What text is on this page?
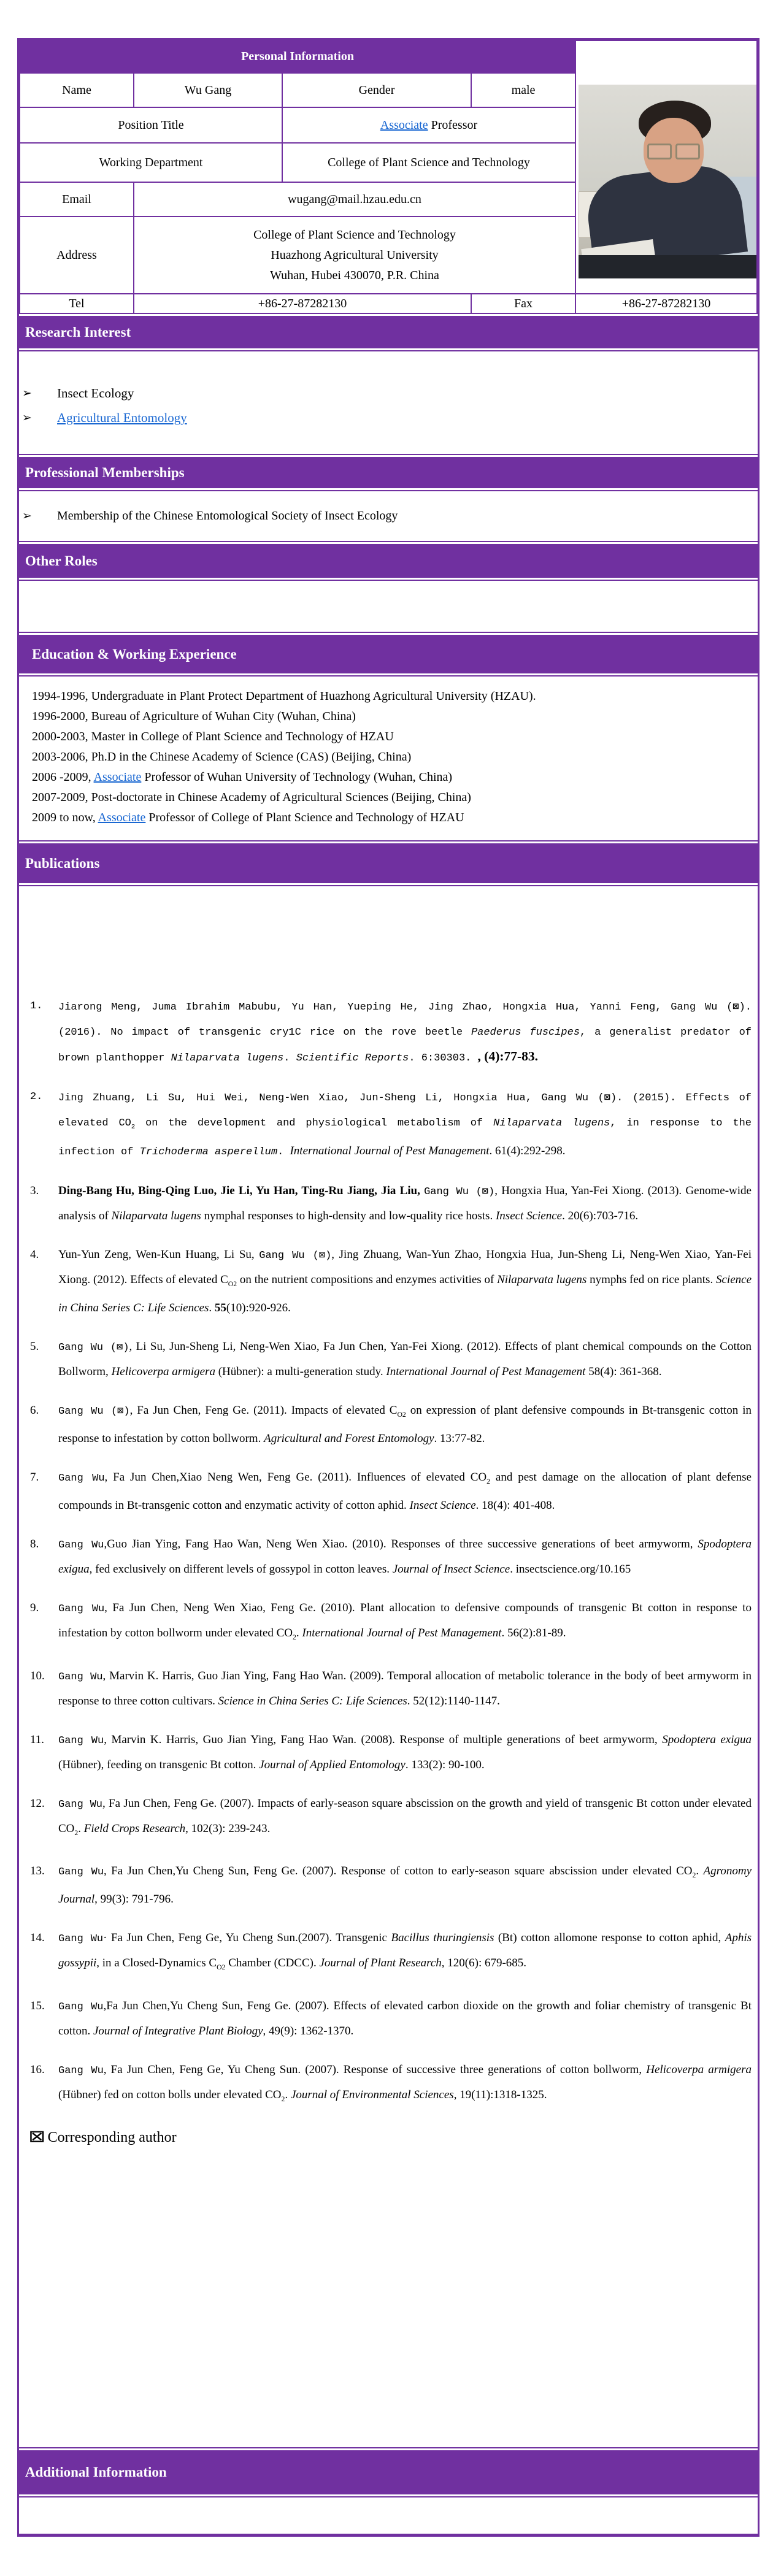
Personal Information				

Name	Wu Gang	Gender	male	
Position Title		Associate Professor		
Working Department		College of Plant Science and Technology		
Email	wugang@mail.hzau.edu.cn			
Address	College of Plant Science and Technology
Huazhong Agricultural University
Wuhan, Hubei 430070, P.R. China			

Tel	+86-27-87282130		Fax	+86-27-87282130
Research Interest
➢	Insect Ecology
➢	Agricultural Entomology
Professional Memberships
➢	Membership of the Chinese Entomological Society of Insect Ecology
Other Roles
Education & Working Experience
1994-1996, Undergraduate in Plant Protect Department of Huazhong Agricultural University (HZAU).
1996-2000, Bureau of Agriculture of Wuhan City (Wuhan, China)
2000-2003, Master in College of Plant Science and Technology of HZAU
2003-2006, Ph.D in the Chinese Academy of Science (CAS) (Beijing, China)
2006 -2009, Associate Professor of Wuhan University of Technology (Wuhan, China)
2007-2009, Post-doctorate in Chinese Academy of Agricultural Sciences (Beijing, China)
2009 to now, Associate Professor of College of Plant Science and Technology of HZAU
Publications
1.	Jiarong Meng, Juma Ibrahim Mabubu, Yu Han, Yueping He, Jing Zhao, Hongxia Hua, Yanni Feng, Gang Wu (⊠). (2016). No impact of transgenic cry1C rice on the rove beetle Paederus fuscipes, a generalist predator of brown planthopper Nilaparvata lugens. Scientific Reports. 6:30303. , (4):77-83.
2.	Jing Zhuang, Li Su, Hui Wei, Neng-Wen Xiao, Jun-Sheng Li, Hongxia Hua, Gang Wu (⊠). (2015). Effects of elevated $CO_2$ on the development and physiological metabolism of Nilaparvata lugens, in response to the infection of Trichoderma asperellum. International Journal of Pest Management. 61(4):292-298.
3.	Ding-Bang Hu, Bing-Qing Luo, Jie Li, Yu Han, Ting-Ru Jiang, Jia Liu, Gang Wu (⊠), Hongxia Hua, Yan-Fei Xiong. (2013). Genome-wide analysis of Nilaparvata lugens nymphal responses to high-density and low-quality rice hosts. Insect Science. 20(6):703-716.
4.	Yun-Yun Zeng, Wen-Kun Huang, Li Su, Gang Wu (⊠), Jing Zhuang, Wan-Yun Zhao, Hongxia Hua, Jun-Sheng Li, Neng-Wen Xiao, Yan-Fei Xiong. (2012). Effects of elevated $C_{O2}$ on the nutrient compositions and enzymes activities of Nilaparvata lugens nymphs fed on rice plants. Science in China Series C: Life Sciences. 55(10):920-926.
5.	Gang Wu (⊠), Li Su, Jun-Sheng Li, Neng-Wen Xiao, Fa Jun Chen, Yan-Fei Xiong. (2012). Effects of plant chemical compounds on the Cotton Bollworm, Helicoverpa armigera (Hübner): a multi-generation study. International Journal of Pest Management 58(4): 361-368.
6.	Gang Wu (⊠), Fa Jun Chen, Feng Ge. (2011). Impacts of elevated $C_{O2}$ on expression of plant defensive compounds in Bt-transgenic cotton in response to infestation by cotton bollworm. Agricultural and Forest Entomology. 13:77-82.
7.	Gang Wu, Fa Jun Chen,Xiao Neng Wen, Feng Ge. (2011). Influences of elevated $CO_2$ and pest damage on the allocation of plant defense compounds in Bt-transgenic cotton and enzymatic activity of cotton aphid. Insect Science. 18(4): 401-408.
8.	Gang Wu,Guo Jian Ying, Fang Hao Wan, Neng Wen Xiao. (2010). Responses of three successive generations of beet armyworm, Spodoptera exigua, fed exclusively on different levels of gossypol in cotton leaves. Journal of Insect Science. insectscience.org/10.165
9.	Gang Wu, Fa Jun Chen, Neng Wen Xiao, Feng Ge. (2010). Plant allocation to defensive compounds of transgenic Bt cotton in response to infestation by cotton bollworm under elevated $CO_2$. International Journal of Pest Management. 56(2):81-89.
10.	Gang Wu, Marvin K. Harris, Guo Jian Ying, Fang Hao Wan. (2009). Temporal allocation of metabolic tolerance in the body of beet armyworm in response to three cotton cultivars. Science in China Series C: Life Sciences. 52(12):1140-1147.
11.	Gang Wu, Marvin K. Harris, Guo Jian Ying, Fang Hao Wan. (2008). Response of multiple generations of beet armyworm, Spodoptera exigua (Hübner), feeding on transgenic Bt cotton. Journal of Applied Entomology. 133(2): 90-100.
12.	Gang Wu, Fa Jun Chen, Feng Ge. (2007). Impacts of early-season square abscission on the growth and yield of transgenic Bt cotton under elevated $CO_2$. Field Crops Research, 102(3): 239-243.
13.	Gang Wu, Fa Jun Chen,Yu Cheng Sun, Feng Ge. (2007). Response of cotton to early-season square abscission under elevated $CO_2$. Agronomy Journal, 99(3): 791-796.
14.	Gang Wu· Fa Jun Chen, Feng Ge, Yu Cheng Sun.(2007). Transgenic Bacillus thuringiensis (Bt) cotton allomone response to cotton aphid, Aphis gossypii, in a Closed-Dynamics $C_{O2}$ Chamber (CDCC). Journal of Plant Research, 120(6): 679-685.
15.	Gang Wu,Fa Jun Chen,Yu Cheng Sun, Feng Ge. (2007). Effects of elevated carbon dioxide on the growth and foliar chemistry of transgenic Bt cotton. Journal of Integrative Plant Biology, 49(9): 1362-1370.
16.	Gang Wu, Fa Jun Chen, Feng Ge, Yu Cheng Sun. (2007). Response of successive three generations of cotton bollworm, Helicoverpa armigera (Hübner) fed on cotton bolls under elevated $CO_2$. Journal of Environmental Sciences, 19(11):1318-1325.
⊠ Corresponding author
Additional Information
